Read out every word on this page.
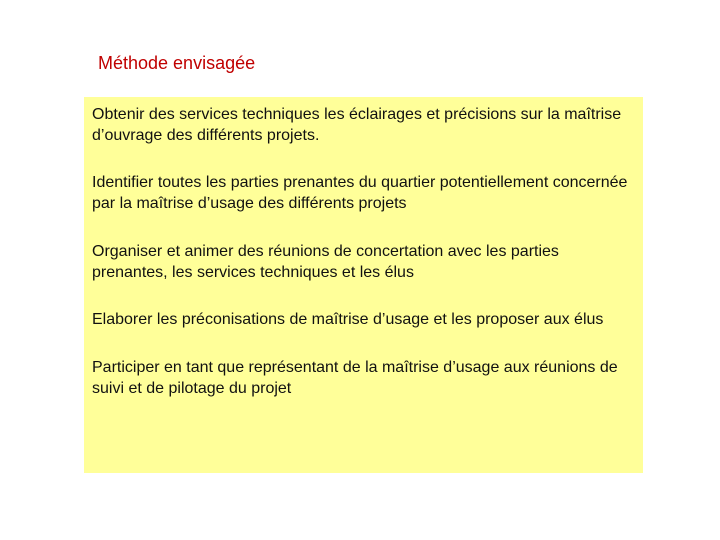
Méthode envisagée

Obtenir des services techniques les éclairages et précisions sur la maîtrise d’ouvrage des différents projets.

Identifier toutes les parties prenantes du quartier potentiellement concernée par la maîtrise d’usage des différents projets

Organiser et animer des réunions de concertation avec les parties prenantes, les services techniques et les élus

Elaborer les préconisations de maîtrise d’usage et les proposer aux élus

Participer en tant que représentant de la maîtrise d’usage aux réunions de suivi et de pilotage du projet
